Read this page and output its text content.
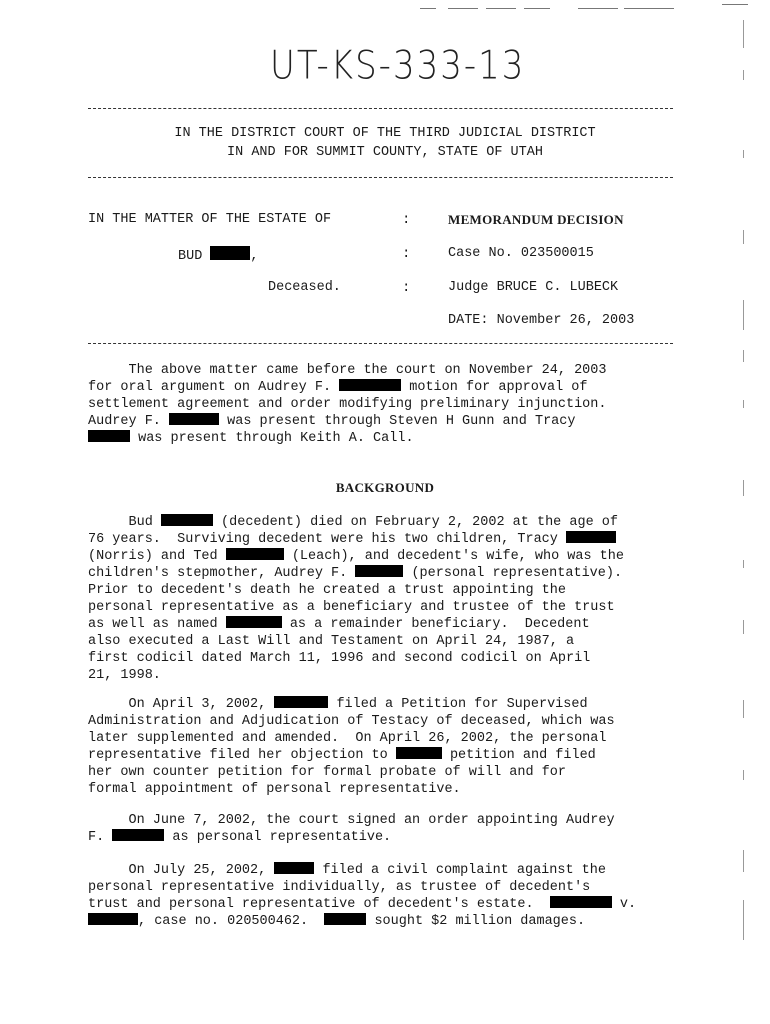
UT-KS-333-13
IN THE DISTRICT COURT OF THE THIRD JUDICIAL DISTRICT
IN AND FOR SUMMIT COUNTY, STATE OF UTAH
IN THE MATTER OF THE ESTATE OF	:	MEMORANDUM DECISION
BUD	,	:	Case No. 023500015
Deceased.	:	Judge BRUCE C. LUBECK
DATE: November 26, 2003
The above matter came before the court on November 24, 2003
for oral argument on Audrey F.	motion for approval of
settlement agreement and order modifying preliminary injunction.
Audrey F.	was present through Steven H Gunn and Tracy
was present through Keith A. Call.
BACKGROUND
Bud	(decedent) died on February 2, 2002 at the age of
76 years.  Surviving decedent were his two children, Tracy
(Norris) and Ted	(Leach), and decedent's wife, who was the
children's stepmother, Audrey F.	(personal representative).
Prior to decedent's death he created a trust appointing the
personal representative as a beneficiary and trustee of the trust
as well as named	as a remainder beneficiary.  Decedent
also executed a Last Will and Testament on April 24, 1987, a
first codicil dated March 11, 1996 and second codicil on April
21, 1998.
On April 3, 2002,	filed a Petition for Supervised
Administration and Adjudication of Testacy of deceased, which was
later supplemented and amended.  On April 26, 2002, the personal
representative filed her objection to	petition and filed
her own counter petition for formal probate of will and for
formal appointment of personal representative.
On June 7, 2002, the court signed an order appointing Audrey
F.	as personal representative.
On July 25, 2002,	filed a civil complaint against the
personal representative individually, as trustee of decedent's
trust and personal representative of decedent's estate.	v.
, case no. 020500462.	sought $2 million damages.
